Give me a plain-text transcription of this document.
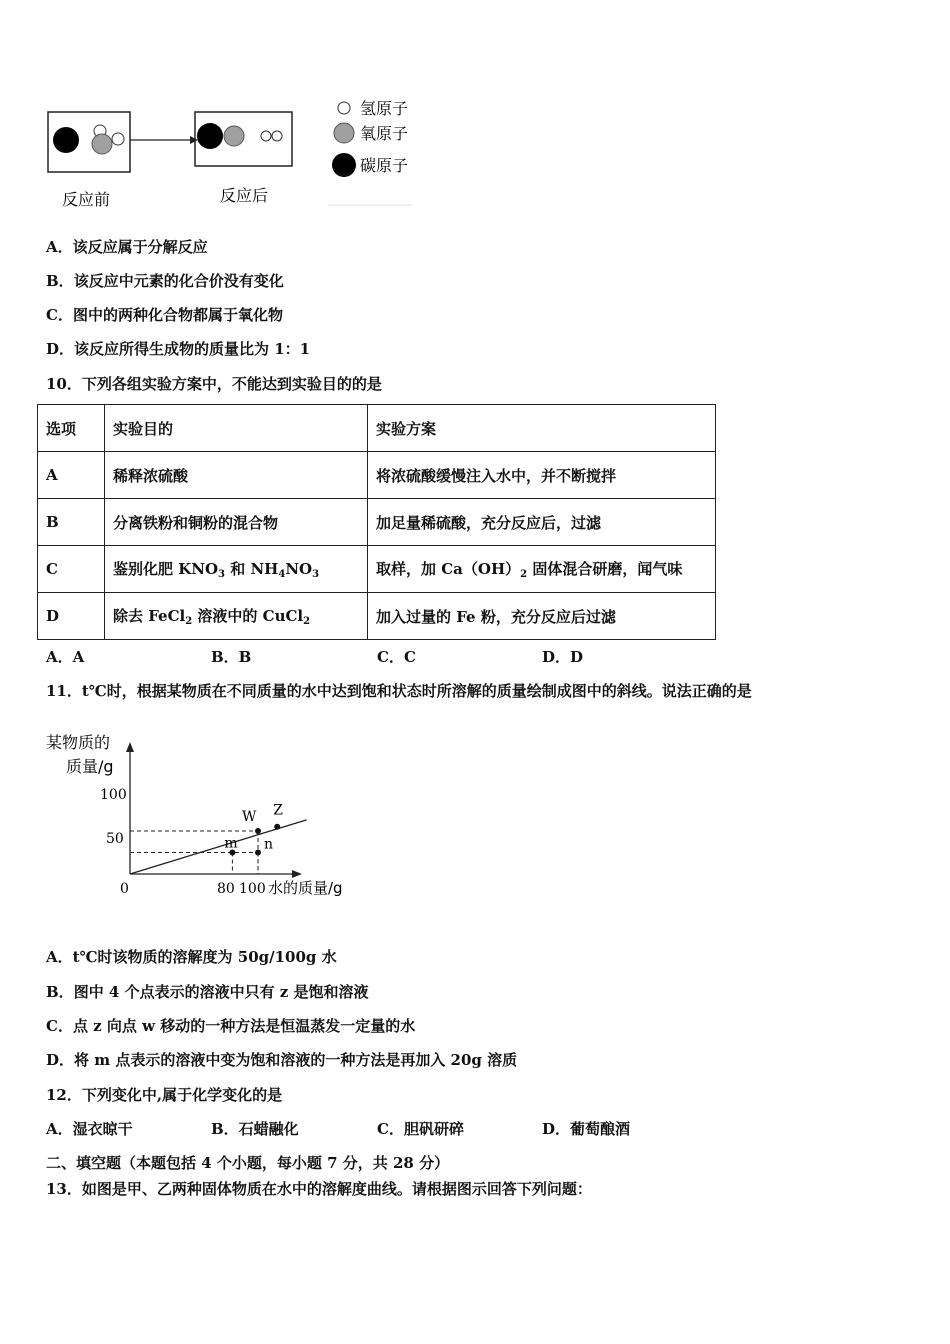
反应前	反应后
氢原子
氧原子
碳原子
A．该反应属于分解反应
B．该反应中元素的化合价没有变化
C．图中的两种化合物都属于氧化物
D．该反应所得生成物的质量比为 1：1
10．下列各组实验方案中，不能达到实验目的的是
选项	实验目的	实验方案
A	稀释浓硫酸	将浓硫酸缓慢注入水中，并不断搅拌
B	分离铁粉和铜粉的混合物	加足量稀硫酸，充分反应后，过滤
C	鉴别化肥 $KNO_3$ 和 $NH_4NO_3$	取样，加 $Ca(OH)_2$ 固体混合研磨，闻气味
D	除去 FeCl$_2$ 溶液中的 CuCl$_2$	加入过量的 Fe 粉，充分反应后过滤
A．A	B．B	C．C	D．D
11．t℃时，根据某物质在不同质量的水中达到饱和状态时所溶解的质量绘制成图中的斜线。说法正确的是
某物质的
质量/g
W Z
m n
100
50
0	80 100 水的质量/g
A．t℃时该物质的溶解度为 50g/100g 水
B．图中 4 个点表示的溶液中只有 z 是饱和溶液
C．点 z 向点 w 移动的一种方法是恒温蒸发一定量的水
D．将 m 点表示的溶液中变为饱和溶液的一种方法是再加入 20g 溶质
12．下列变化中,属于化学变化的是
A．湿衣晾干	B．石蜡融化	C．胆矾研碎	D．葡萄酿酒
二、填空题（本题包括 4 个小题，每小题 7 分，共 28 分）
13．如图是甲、乙两种固体物质在水中的溶解度曲线。请根据图示回答下列问题：
